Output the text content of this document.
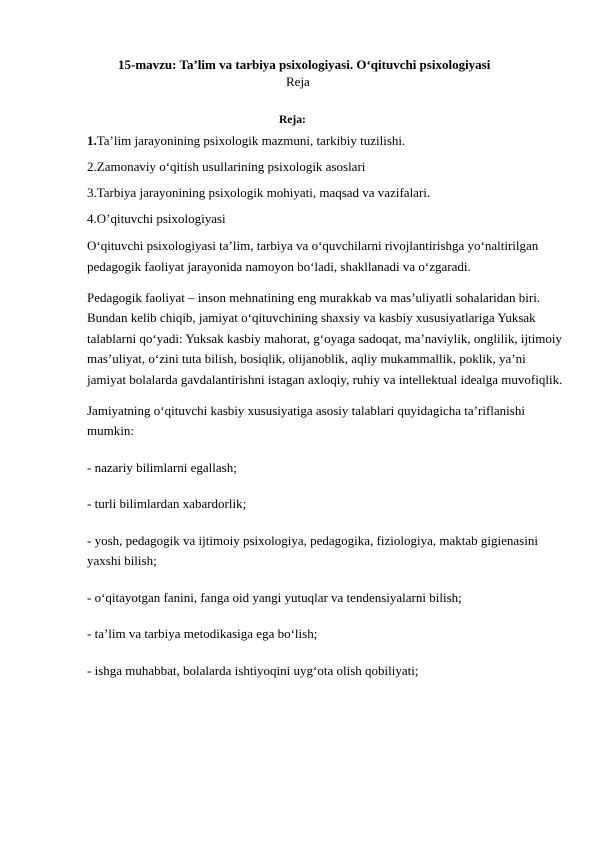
15-mavzu: Ta’lim va tarbiya psixologiyasi. O‘qituvchi psixologiyasi
Reja
Reja:
1.Ta’lim jarayonining psixologik mazmuni, tarkibiy tuzilishi.
2.Zamonaviy o‘qitish usullarining psixologik asoslari
3.Tarbiya jarayonining psixologik mohiyati, maqsad va vazifalari.
4.O’qituvchi psixologiyasi

O‘qituvchi psixologiyasi ta’lim, tarbiya va o‘quvchilarni rivojlantirishga yo‘naltirilgan pedagogik faoliyat jarayonida namoyon bo‘ladi, shakllanadi va o‘zgaradi.

Pedagogik faoliyat – inson mehnatining eng murakkab va mas’uliyatli sohalaridan biri. Bundan kelib chiqib, jamiyat o‘qituvchining shaxsiy va kasbiy xususiyatlariga Yuksak talablarni qo‘yadi: Yuksak kasbiy mahorat, g‘oyaga sadoqat, ma’naviylik, onglilik, ijtimoiy mas’uliyat, o‘zini tuta bilish, bosiqlik, olijanoblik, aqliy mukammallik, poklik, ya’ni jamiyat bolalarda gavdalantirishni istagan axloqiy, ruhiy va intellektual idealga muvofiqlik.

Jamiyatning o‘qituvchi kasbiy xususiyatiga asosiy talablari quyidagicha ta’riflanishi mumkin:

- nazariy bilimlarni egallash;

- turli bilimlardan xabardorlik;

- yosh, pedagogik va ijtimoiy psixologiya, pedagogika, fiziologiya, maktab gigienasini yaxshi bilish;

- o‘qitayotgan fanini, fanga oid yangi yutuqlar va tendensiyalarni bilish;

- ta’lim va tarbiya metodikasiga ega bo‘lish;

- ishga muhabbat, bolalarda ishtiyoqini uyg‘ota olish qobiliyati;
